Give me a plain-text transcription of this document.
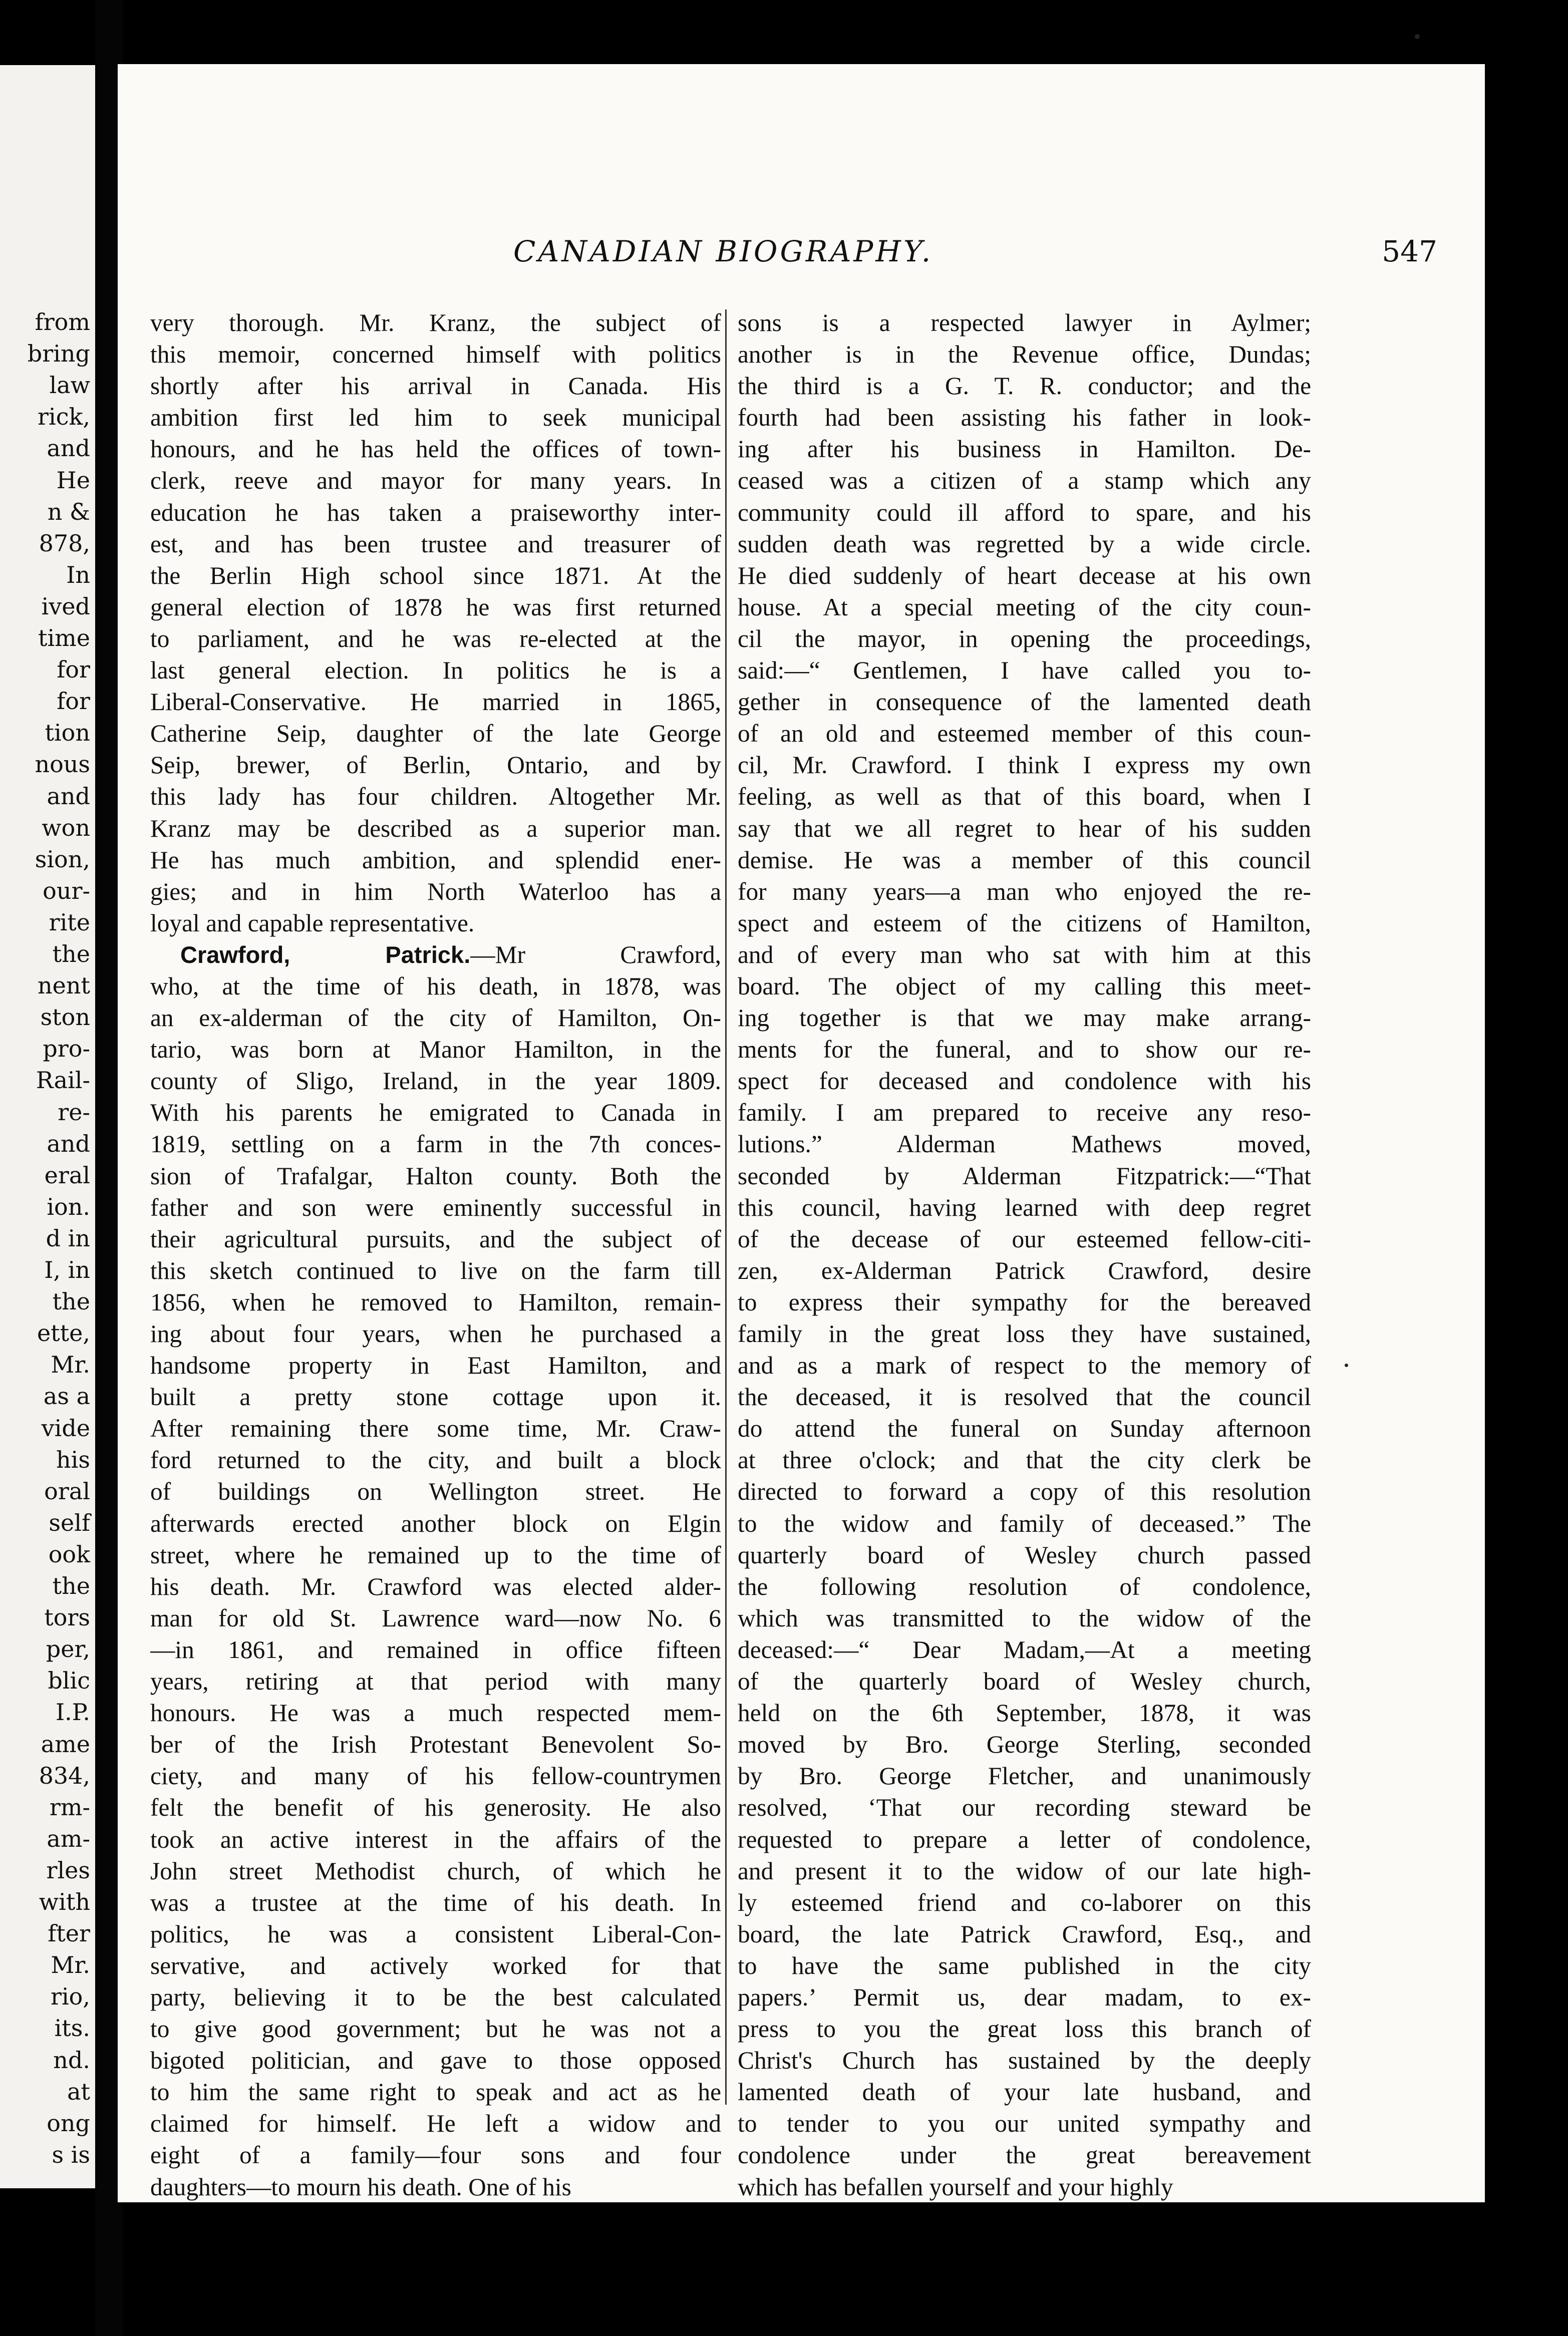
from
bring
law
rick,
and
He
n &
878,
In
ived
time
for
for
tion
nous
and
won
sion,
our-
rite
the
nent
ston
pro-
Rail-
re-
and
eral
ion.
d in
I, in
the
ette,
Mr.
as a
vide
his
oral
self
ook
the
tors
per,
blic
I.P.
ame
834,
rm-
am-
rles
with
fter
Mr.
rio,
its.
nd.
at
ong
s is
CANADIAN BIOGRAPHY.	547
very thorough. Mr. Kranz, the subject of
this memoir, concerned himself with politics
shortly after his arrival in Canada. His
ambition first led him to seek municipal
honours, and he has held the offices of town-
clerk, reeve and mayor for many years. In
education he has taken a praiseworthy inter-
est, and has been trustee and treasurer of
the Berlin High school since 1871. At the
general election of 1878 he was first returned
to parliament, and he was re-elected at the
last general election. In politics he is a
Liberal-Conservative. He married in 1865,
Catherine Seip, daughter of the late George
Seip, brewer, of Berlin, Ontario, and by
this lady has four children. Altogether Mr.
Kranz may be described as a superior man.
He has much ambition, and splendid ener-
gies; and in him North Waterloo has a
loyal and capable representative.
Crawford, Patrick.—Mr Crawford,
who, at the time of his death, in 1878, was
an ex-alderman of the city of Hamilton, On-
tario, was born at Manor Hamilton, in the
county of Sligo, Ireland, in the year 1809.
With his parents he emigrated to Canada in
1819, settling on a farm in the 7th conces-
sion of Trafalgar, Halton county. Both the
father and son were eminently successful in
their agricultural pursuits, and the subject of
this sketch continued to live on the farm till
1856, when he removed to Hamilton, remain-
ing about four years, when he purchased a
handsome property in East Hamilton, and
built a pretty stone cottage upon it.
After remaining there some time, Mr. Craw-
ford returned to the city, and built a block
of buildings on Wellington street. He
afterwards erected another block on Elgin
street, where he remained up to the time of
his death. Mr. Crawford was elected alder-
man for old St. Lawrence ward—now No. 6
—in 1861, and remained in office fifteen
years, retiring at that period with many
honours. He was a much respected mem-
ber of the Irish Protestant Benevolent So-
ciety, and many of his fellow-countrymen
felt the benefit of his generosity. He also
took an active interest in the affairs of the
John street Methodist church, of which he
was a trustee at the time of his death. In
politics, he was a consistent Liberal-Con-
servative, and actively worked for that
party, believing it to be the best calculated
to give good government; but he was not a
bigoted politician, and gave to those opposed
to him the same right to speak and act as he
claimed for himself. He left a widow and
eight of a family—four sons and four
daughters—to mourn his death. One of his
sons is a respected lawyer in Aylmer;
another is in the Revenue office, Dundas;
the third is a G. T. R. conductor; and the
fourth had been assisting his father in look-
ing after his business in Hamilton. De-
ceased was a citizen of a stamp which any
community could ill afford to spare, and his
sudden death was regretted by a wide circle.
He died suddenly of heart decease at his own
house. At a special meeting of the city coun-
cil the mayor, in opening the proceedings,
said:—“ Gentlemen, I have called you to-
gether in consequence of the lamented death
of an old and esteemed member of this coun-
cil, Mr. Crawford. I think I express my own
feeling, as well as that of this board, when I
say that we all regret to hear of his sudden
demise. He was a member of this council
for many years—a man who enjoyed the re-
spect and esteem of the citizens of Hamilton,
and of every man who sat with him at this
board. The object of my calling this meet-
ing together is that we may make arrang-
ments for the funeral, and to show our re-
spect for deceased and condolence with his
family. I am prepared to receive any reso-
lutions.” Alderman Mathews moved,
seconded by Alderman Fitzpatrick:—“That
this council, having learned with deep regret
of the decease of our esteemed fellow-citi-
zen, ex-Alderman Patrick Crawford, desire
to express their sympathy for the bereaved
family in the great loss they have sustained,
and as a mark of respect to the memory of
the deceased, it is resolved that the council
do attend the funeral on Sunday afternoon
at three o'clock; and that the city clerk be
directed to forward a copy of this resolution
to the widow and family of deceased.” The
quarterly board of Wesley church passed
the following resolution of condolence,
which was transmitted to the widow of the
deceased:—“ Dear Madam,—At a meeting
of the quarterly board of Wesley church,
held on the 6th September, 1878, it was
moved by Bro. George Sterling, seconded
by Bro. George Fletcher, and unanimously
resolved, ‘That our recording steward be
requested to prepare a letter of condolence,
and present it to the widow of our late high-
ly esteemed friend and co-laborer on this
board, the late Patrick Crawford, Esq., and
to have the same published in the city
papers.’ Permit us, dear madam, to ex-
press to you the great loss this branch of
Christ's Church has sustained by the deeply
lamented death of your late husband, and
to tender to you our united sympathy and
condolence under the great bereavement
which has befallen yourself and your highly
